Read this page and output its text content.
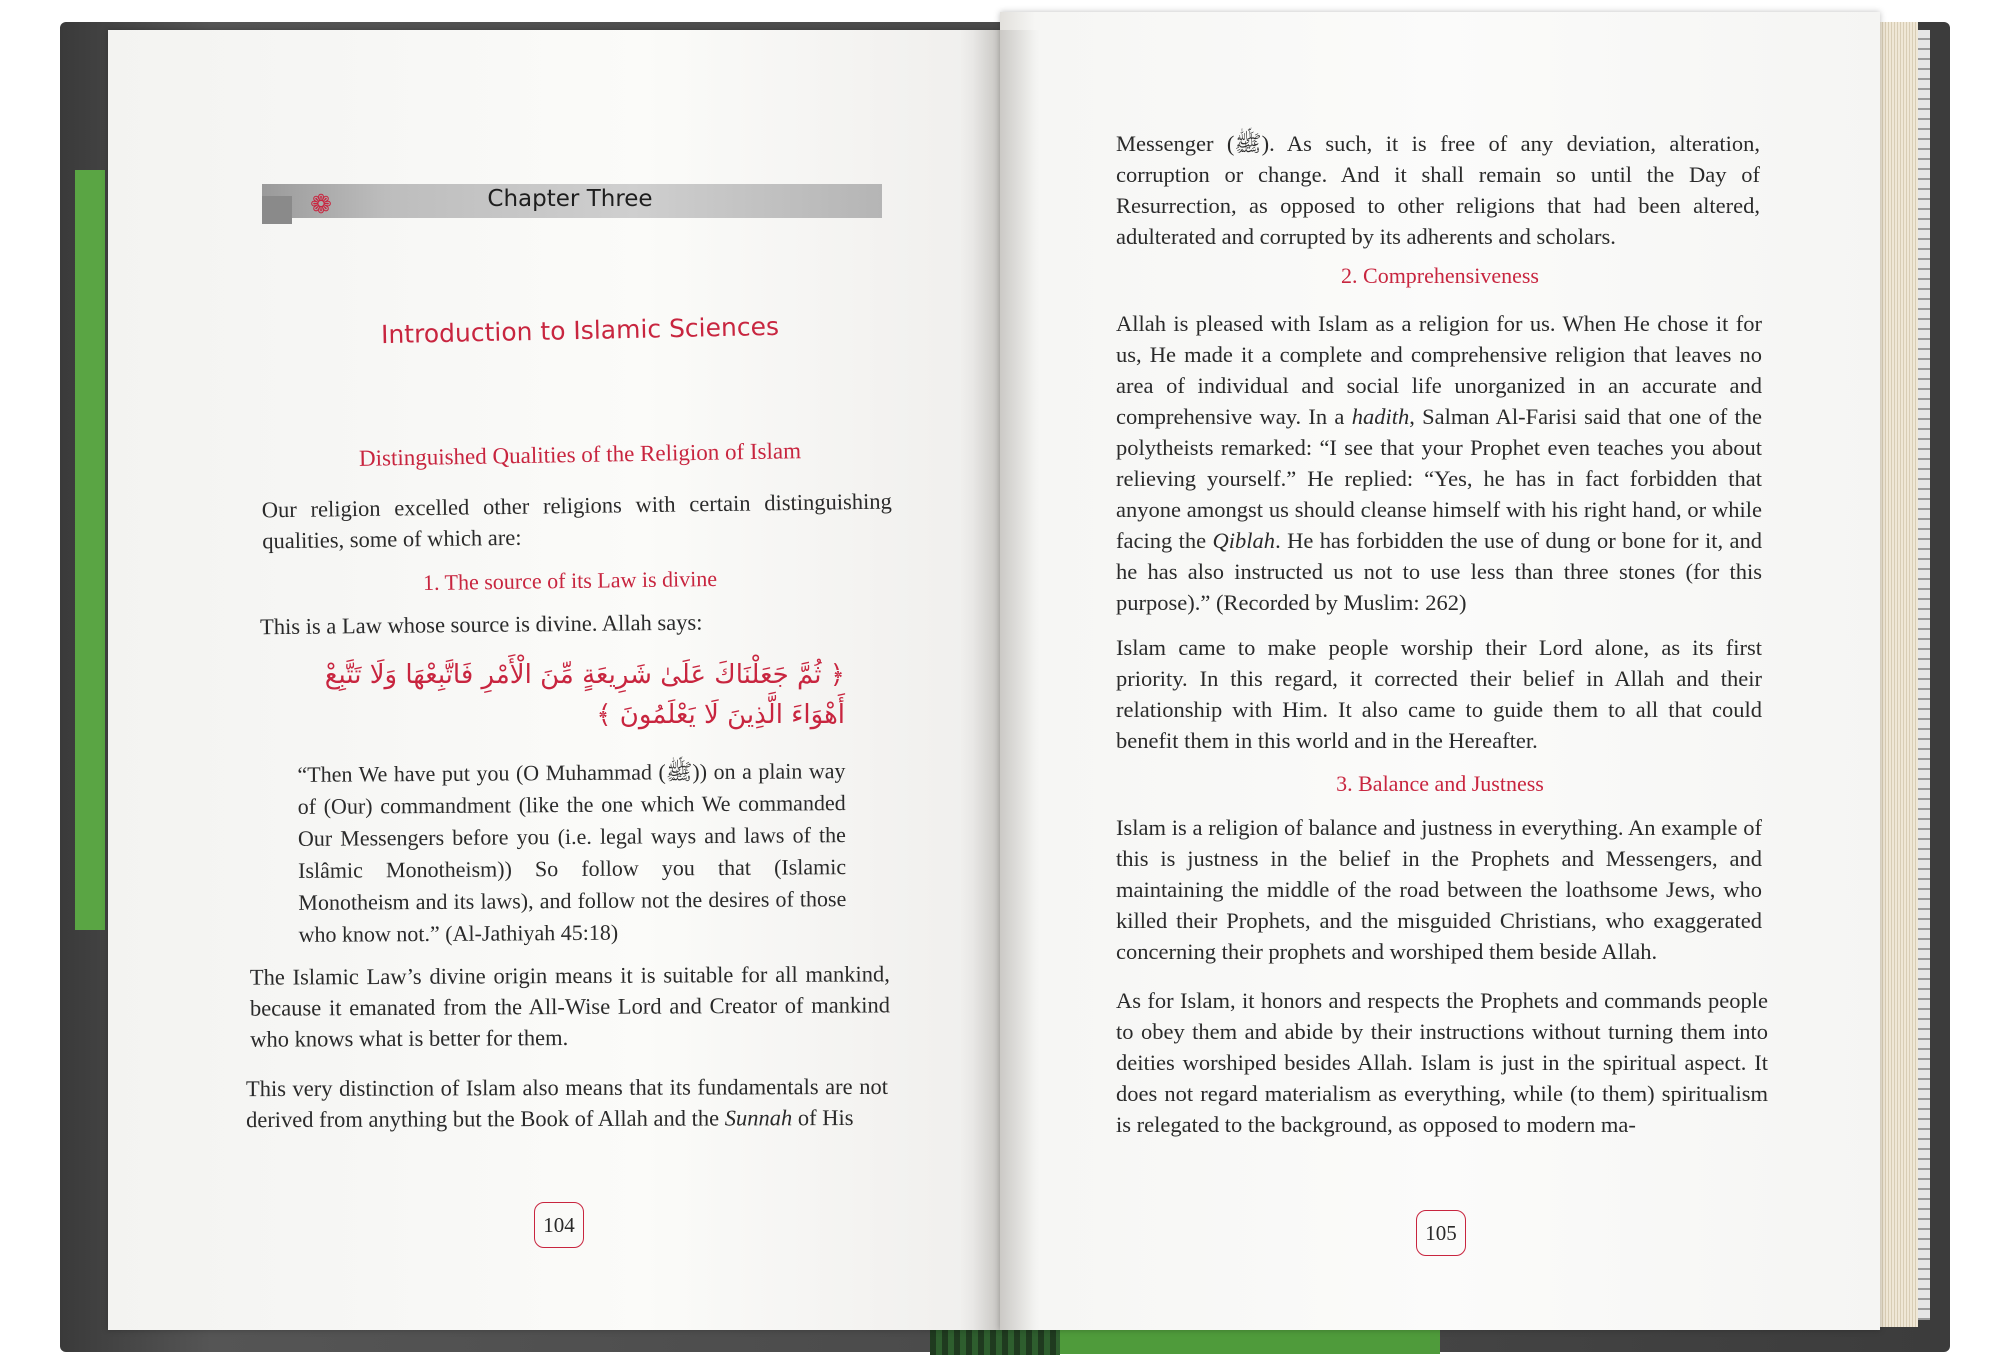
❁	Chapter Three
Introduction to Islamic Sciences
Distinguished Qualities of the Religion of Islam

Our religion excelled other religions with certain distinguishing qualities, some of which are:

1. The source of its Law is divine

This is a Law whose source is divine. Allah says:

﴿ ثُمَّ جَعَلْنَاكَ عَلَىٰ شَرِيعَةٍ مِّنَ الْأَمْرِ فَاتَّبِعْهَا وَلَا تَتَّبِعْ أَهْوَاءَ الَّذِينَ لَا يَعْلَمُونَ ﴾

“Then We have put you (O Muhammad (ﷺ)) on a plain way of (Our) commandment (like the one which We commanded Our Messengers before you (i.e. legal ways and laws of the Islâmic Monotheism)) So follow you that (Islamic Monotheism and its laws), and follow not the desires of those who know not.” (Al-Jathiyah 45:18)

The Islamic Law’s divine origin means it is suitable for all mankind, because it emanated from the All-Wise Lord and Creator of mankind who knows what is better for them.

This very distinction of Islam also means that its fundamentals are not derived from anything but the Book of Allah and the Sunnah of His

104

Messenger (ﷺ). As such, it is free of any deviation, alteration, corruption or change. And it shall remain so until the Day of Resurrection, as opposed to other religions that had been altered, adulterated and corrupted by its adherents and scholars.

2. Comprehensiveness

Allah is pleased with Islam as a religion for us. When He chose it for us, He made it a complete and comprehensive religion that leaves no area of individual and social life unorganized in an accurate and comprehensive way. In a hadith, Salman Al-Farisi said that one of the polytheists remarked: “I see that your Prophet even teaches you about relieving yourself.” He replied: “Yes, he has in fact forbidden that anyone amongst us should cleanse himself with his right hand, or while facing the Qiblah. He has forbidden the use of dung or bone for it, and he has also instructed us not to use less than three stones (for this purpose).” (Recorded by Muslim: 262)

Islam came to make people worship their Lord alone, as its first priority. In this regard, it corrected their belief in Allah and their relationship with Him. It also came to guide them to all that could benefit them in this world and in the Hereafter.

3. Balance and Justness

Islam is a religion of balance and justness in everything. An example of this is justness in the belief in the Prophets and Messengers, and maintaining the middle of the road between the loathsome Jews, who killed their Prophets, and the misguided Christians, who exaggerated concerning their prophets and worshiped them beside Allah.

As for Islam, it honors and respects the Prophets and commands people to obey them and abide by their instructions without turning them into deities worshiped besides Allah. Islam is just in the spiritual aspect. It does not regard materialism as everything, while (to them) spiritualism is relegated to the background, as opposed to modern ma-

105
